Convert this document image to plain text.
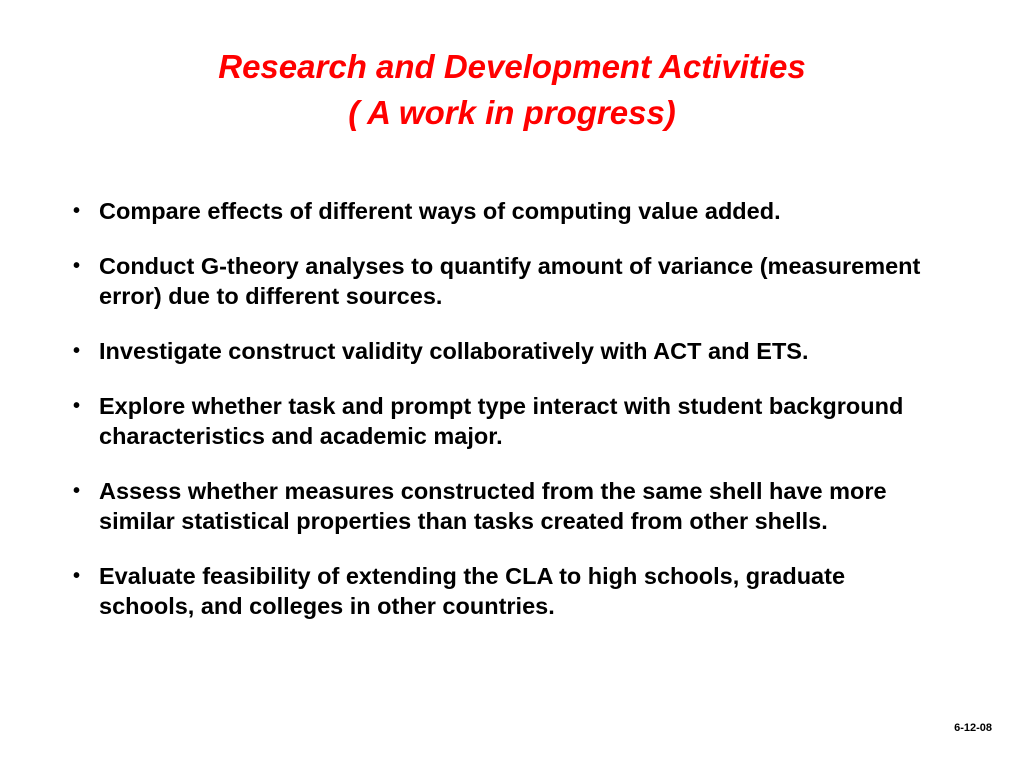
Research and Development Activities
( A work in progress)
• Compare effects of different ways of computing value added.
• Conduct G-theory analyses to quantify amount of variance (measurement error) due to different sources.
• Investigate construct validity collaboratively with ACT and ETS.
• Explore whether task and prompt type interact with student background characteristics and academic major.
• Assess whether measures constructed from the same shell have more similar statistical properties than tasks created from other shells.
• Evaluate feasibility of extending the CLA to high schools, graduate schools, and colleges in other countries.
6-12-08
